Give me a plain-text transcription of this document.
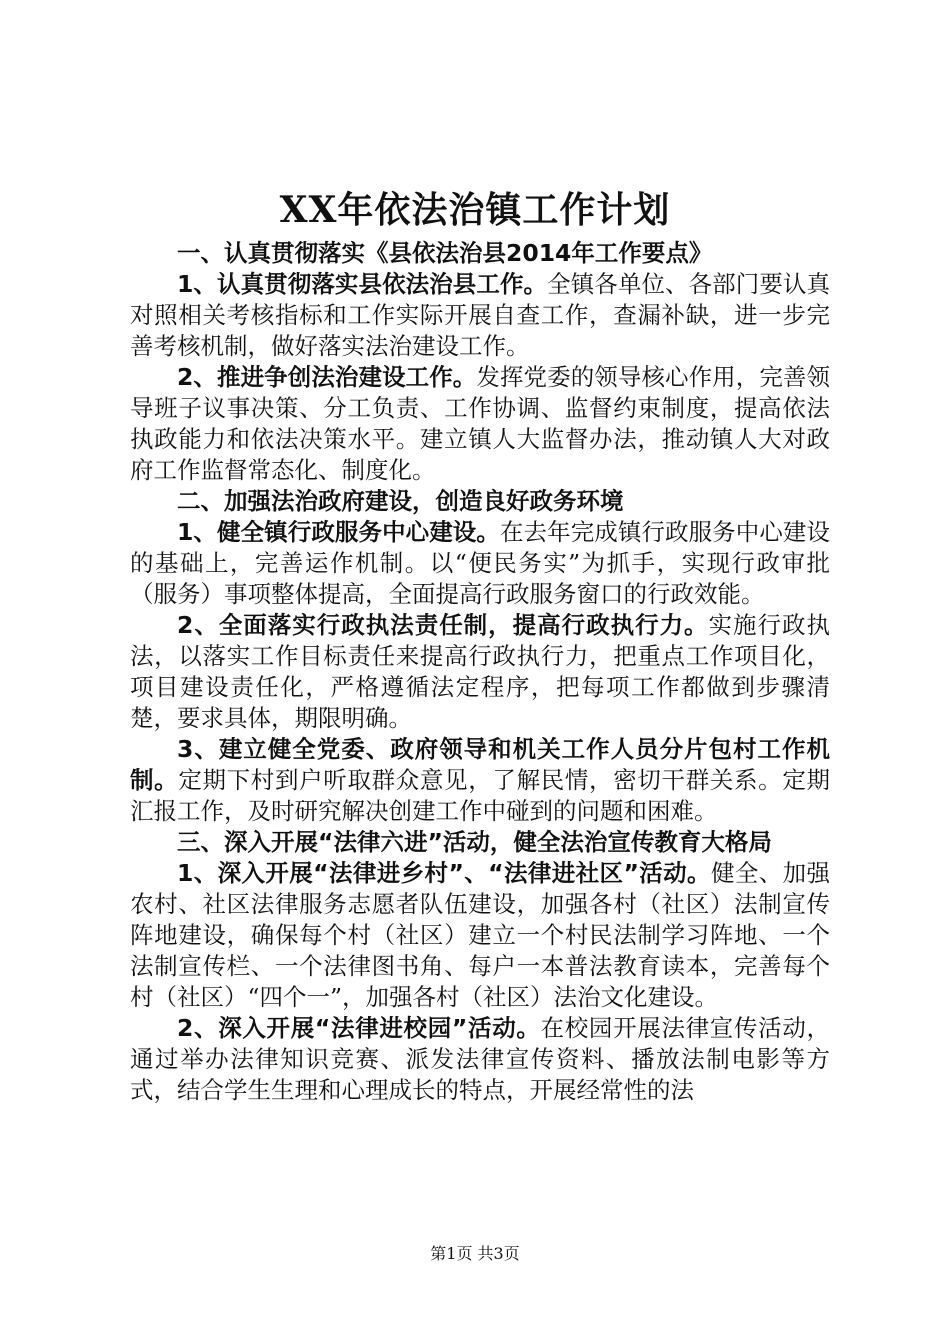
XX年依法治镇工作计划

一、认真贯彻落实《县依法治县2014年工作要点》

1、认真贯彻落实县依法治县工作。全镇各单位、各部门要认真对照相关考核指标和工作实际开展自查工作，查漏补缺，进一步完善考核机制，做好落实法治建设工作。

2、推进争创法治建设工作。发挥党委的领导核心作用，完善领导班子议事决策、分工负责、工作协调、监督约束制度，提高依法执政能力和依法决策水平。建立镇人大监督办法，推动镇人大对政府工作监督常态化、制度化。

二、加强法治政府建设，创造良好政务环境

1、健全镇行政服务中心建设。在去年完成镇行政服务中心建设的基础上，完善运作机制。以“便民务实”为抓手，实现行政审批（服务）事项整体提高，全面提高行政服务窗口的行政效能。

2、全面落实行政执法责任制，提高行政执行力。实施行政执法，以落实工作目标责任来提高行政执行力，把重点工作项目化，项目建设责任化，严格遵循法定程序，把每项工作都做到步骤清楚，要求具体，期限明确。

3、建立健全党委、政府领导和机关工作人员分片包村工作机制。定期下村到户听取群众意见，了解民情，密切干群关系。定期汇报工作，及时研究解决创建工作中碰到的问题和困难。

三、深入开展“法律六进”活动，健全法治宣传教育大格局

1、深入开展“法律进乡村”、“法律进社区”活动。健全、加强农村、社区法律服务志愿者队伍建设，加强各村（社区）法制宣传阵地建设，确保每个村（社区）建立一个村民法制学习阵地、一个法制宣传栏、一个法律图书角、每户一本普法教育读本，完善每个村（社区）“四个一”，加强各村（社区）法治文化建设。

2、深入开展“法律进校园”活动。在校园开展法律宣传活动，通过举办法律知识竞赛、派发法律宣传资料、播放法制电影等方式，结合学生生理和心理成长的特点，开展经常性的法

第1页 共3页
